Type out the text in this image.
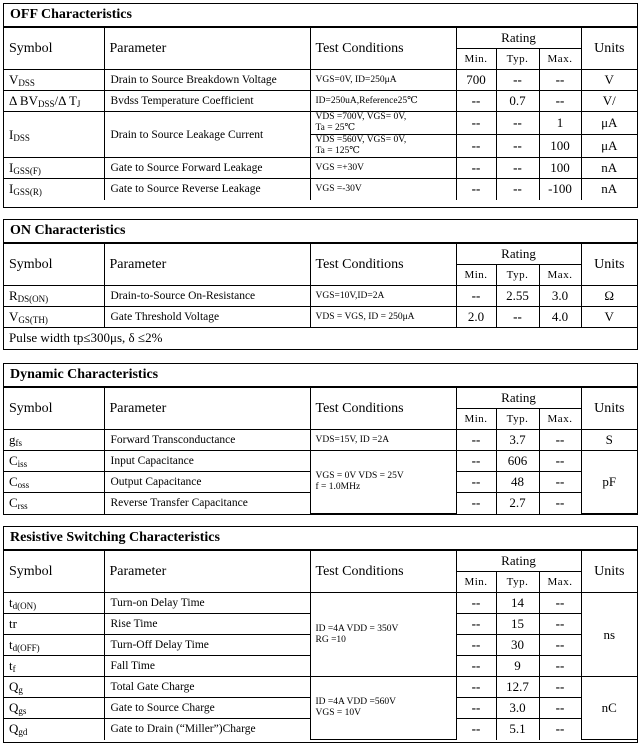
OFF Characteristics
Symbol	Parameter	Test Conditions	Rating			Units
			Min.	Typ.	Max.	
$V_{DSS}$	Drain to Source Breakdown Voltage	VGS=0V, ID=250μA	700	--	--	V
Δ $BV_{DSS}/\Delta$ $T_J$	Bvdss Temperature Coefficient	ID=250uA,Reference25℃	--	0.7	--	V/
$I_{DSS}$	Drain to Source Leakage Current	VDS =700V, VGS= 0V,
Ta = 25℃	--	--	1	μA

		VDS =560V, VGS= 0V,
Ta = 125℃	--	--	100	μA
$I_{GSS(F)}$	Gate to Source Forward Leakage	VGS =+30V	--	--	100	nA
$I_{GSS(R)}$	Gate to Source Reverse Leakage	VGS =-30V	--	--	-100	nA
ON Characteristics
Symbol	Parameter	Test Conditions	Rating			Units
			Min.	Typ.	Max.	
$R_{DS(ON)}$	Drain-to-Source On-Resistance	VGS=10V,ID=2A	--	2.55	3.0	Ω
$V_{GS(TH)}$	Gate Threshold Voltage	VDS = VGS, ID = 250μA	2.0	--	4.0	V
Pulse width tp≤300μs, δ ≤2%						
Dynamic Characteristics
Symbol	Parameter	Test Conditions	Rating			Units
			Min.	Typ.	Max.	
$g_{fs}$	Forward Transconductance	VDS=15V, ID =2A	--	3.7	--	S
$C_{iss}$	Input Capacitance	VGS = 0V VDS = 25V
f = 1.0MHz	--	606	--	pF
$C_{oss}$	Output Capacitance		--	48	--	
$C_{rss}$	Reverse Transfer Capacitance		--	2.7	--	
Resistive Switching Characteristics
Symbol	Parameter	Test Conditions	Rating			Units
			Min.	Typ.	Max.	
$t_{d(ON)}$	Turn-on Delay Time	ID =4A VDD = 350V
RG =10	--	14	--	ns
tr	Rise Time		--	15	--	
$t_{d(OFF)}$	Turn-Off Delay Time		--	30	--	
$t_f$	Fall Time		--	9	--	
$Q_g$	Total Gate Charge	ID =4A VDD =560V
VGS = 10V	--	12.7	--	nC
$Q_{gs}$	Gate to Source Charge		--	3.0	--	
$Q_{gd}$	Gate to Drain (“Miller”)Charge		--	5.1	--	
